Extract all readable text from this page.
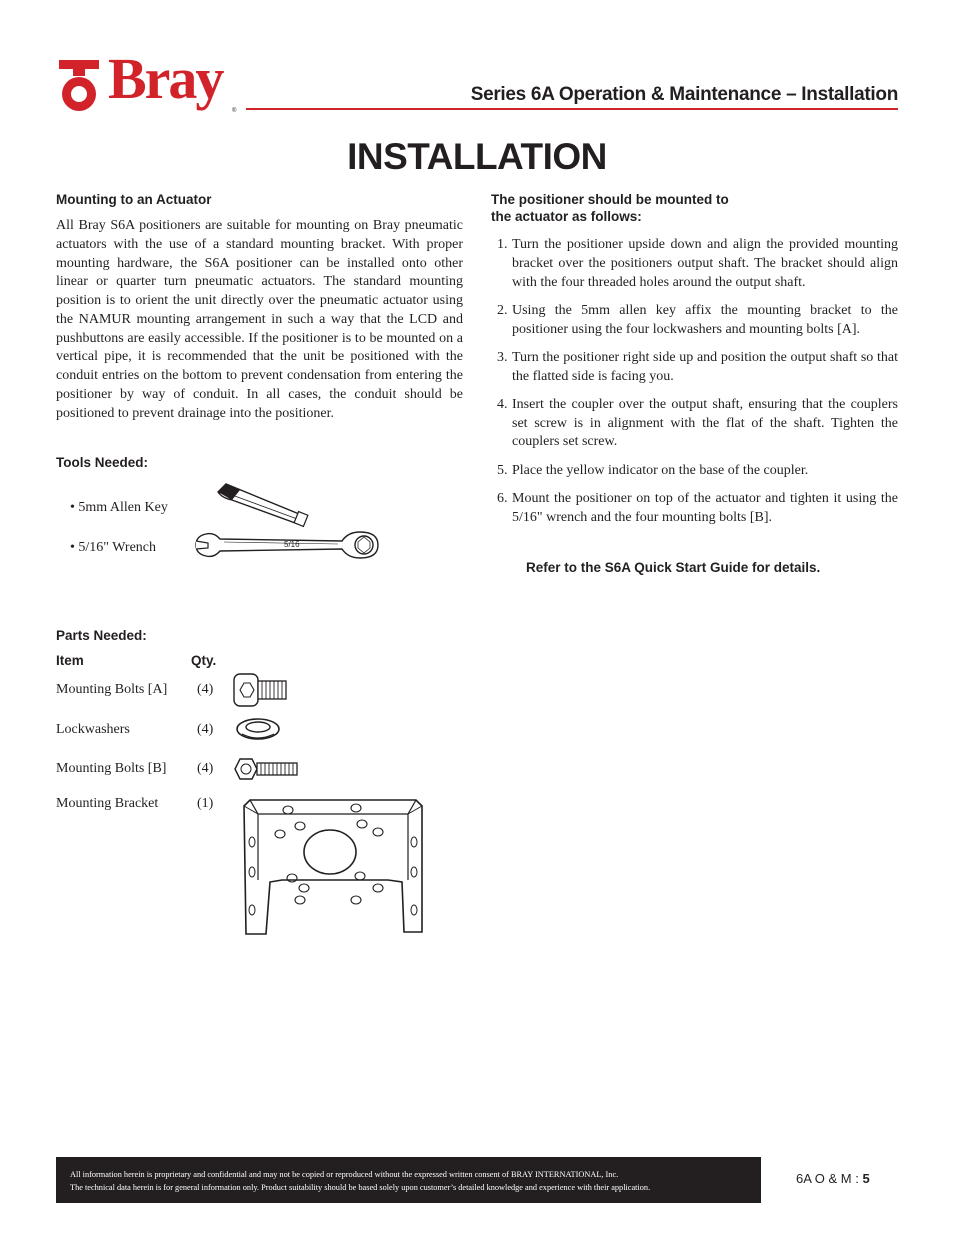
Bray ®
Series 6A Operation & Maintenance – Installation
INSTALLATION
Mounting to an Actuator

All Bray S6A positioners are suitable for mounting on Bray pneumatic actuators with the use of a standard mounting bracket. With proper mounting hardware, the S6A positioner can be installed onto other linear or quarter turn pneumatic actuators. The standard mounting position is to orient the unit directly over the pneumatic actuator using the NAMUR mounting arrangement in such a way that the LCD and pushbuttons are easily accessible. If the positioner is to be mounted on a vertical pipe, it is recommended that the unit be positioned with the conduit entries on the bottom to prevent condensation from entering the positioner by way of conduit. In all cases, the conduit should be positioned to prevent drainage into the positioner.

Tools Needed:
• 5mm Allen Key
• 5/16" Wrench	5/16
Parts Needed:
Item	Qty.
Mounting Bolts [A] (4)
Lockwashers	(4)
Mounting Bolts [B] (4)
Mounting Bracket	(1)
The positioner should be mounted to
the actuator as follows:
1. Turn the positioner upside down and align the provided mounting bracket over the positioners output shaft. The bracket should align with the four threaded holes around the output shaft.
2. Using the 5mm allen key affix the mounting bracket to the positioner using the four lockwashers and mounting bolts [A].
3. Turn the positioner right side up and position the output shaft so that the flatted side is facing you.
4. Insert the coupler over the output shaft, ensuring that the couplers set screw is in alignment with the flat of the shaft. Tighten the couplers set screw.
5. Place the yellow indicator on the base of the coupler.
6. Mount the positioner on top of the actuator and tighten it using the 5/16" wrench and the four mounting bolts [B].
Refer to the S6A Quick Start Guide for details.
All information herein is proprietary and confidential and may not be copied or reproduced without the expressed written consent of BRAY INTERNATIONAL, Inc.
The technical data herein is for general information only. Product suitability should be based solely upon customer’s detailed knowledge and experience with their application.
6A O & M : 5
